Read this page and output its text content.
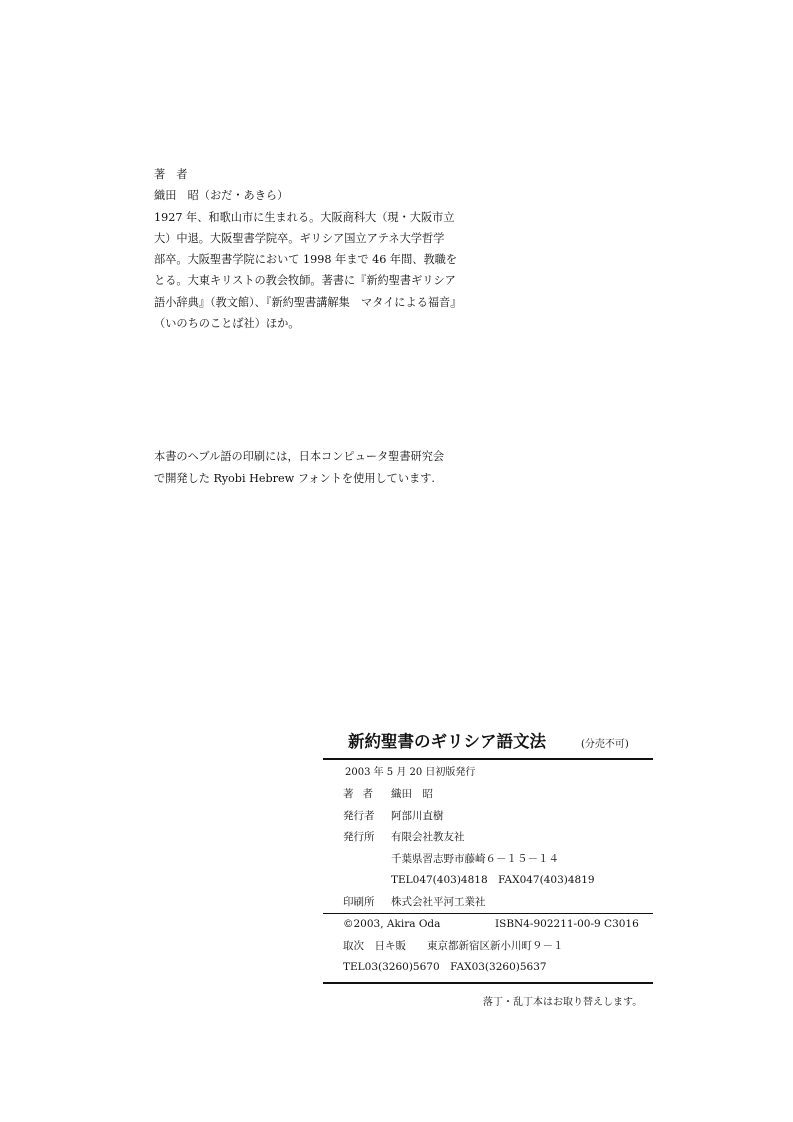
著者
織田　昭（おだ・あきら）
1927 年、和歌山市に生まれる。大阪商科大（現・大阪市立
大）中退。大阪聖書学院卒。ギリシア国立アテネ大学哲学
部卒。大阪聖書学院において 1998 年まで 46 年間、教職を
とる。大東キリストの教会牧師。著書に『新約聖書ギリシア
語小辞典』（教文館）、『新約聖書講解集　マタイによる福音』
（いのちのことば社）ほか。
本書のヘブル語の印刷には，日本コンピュータ聖書研究会
で開発した Ryobi Hebrew フォントを使用しています.
新約聖書のギリシア語文法	(分売不可)
2003 年 5 月 20 日初版発行
著者 織田　昭
発行者 阿部川直樹
発行所 有限会社教友社
千葉県習志野市藤崎６－１５－１４
TEL047(403)4818　FAX047(403)4819
印刷所 株式会社平河工業社
©2003, Akira Oda	ISBN4-902211-00-9 C3016
取次　日キ販　　東京都新宿区新小川町９－１
TEL03(3260)5670　FAX03(3260)5637
落丁・乱丁本はお取り替えします。
